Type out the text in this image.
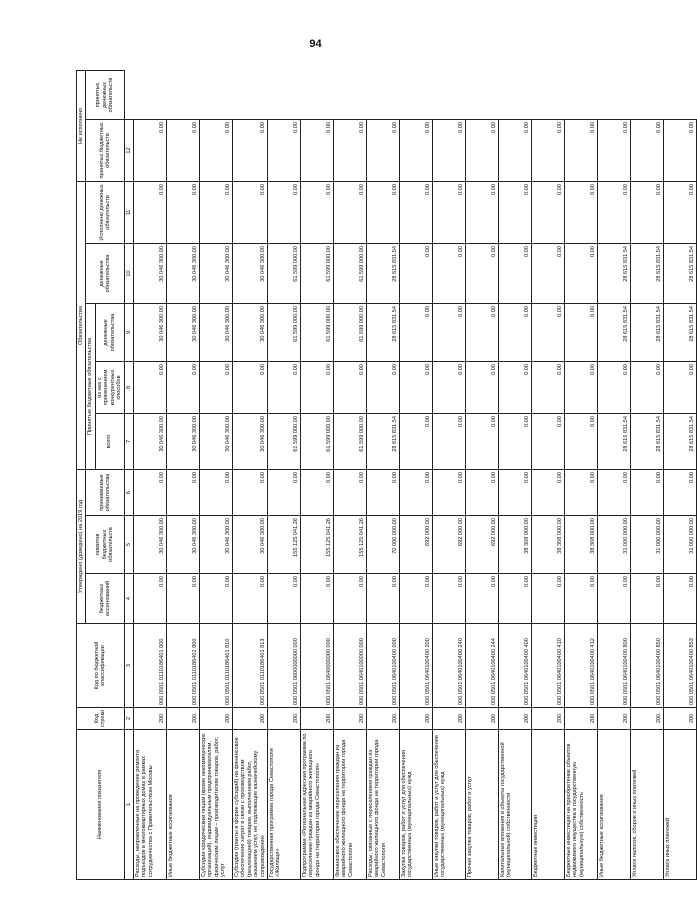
94
Наименование показателя	Код строки	Код по бюджетной классификации	Утверждено (доведено) на 2019 год			Обязательства					Не исполнено	
			бюджетных ассигнований	лимитов бюджетных обязательств	принимаемые обязательства	Принятые бюджетные обязательства			денежные обязательства	Исполнено денежных обязательств	принятых бюджетных обязательств	принятых денежных обязательств
						всего	из них с применением конкурентных способов	денежные обязательства				

1	2	3	4	5	6	7	8	9	10	11	12	
Расходы, направленные на проведение ремонта подъездов в многоквартирных домах в рамках сотрудничества с Правительством Москвы	200	000 0501 0110186401 000	0.00	30 046 300.00	0.00	30 046 300.00	0.00	30 046 300.00	30 046 300.00	0.00	0.00	
Иные бюджетные ассигнования	200	000 0501 0110186401 800	0.00	30 046 300.00	0.00	30 046 300.00	0.00	30 046 300.00	30 046 300.00	0.00	0.00	
Субсидии юридическим лицам (кроме некоммерческих организаций), индивидуальным предпринимателям, физическим лицам – производителям товаров, работ, услуг	200	000 0501 0110186401 810	0.00	30 046 300.00	0.00	30 046 300.00	0.00	30 046 300.00	30 046 300.00	0.00	0.00	
Субсидии (гранты в форме субсидий) на финансовое обеспечение затрат в связи с производством (реализацией) товаров, выполнением работ, оказанием услуг, не подлежащие казначейскому сопровождению	200	000 0501 0110186401 813	0.00	30 046 300.00	0.00	30 046 300.00	0.00	30 046 300.00	30 046 300.00	0.00	0.00	
Государственная программа города Севастополя «Жилище»	200	000 0501 0600000000 000	0.00	155 125 041.26	0.00	61 599 000.00	0.00	61 599 000.00	61 599 000.00	0.00	0.00	
Подпрограмма «Региональная адресная программа по переселению граждан из аварийного жилищного фонда на территории города Севастополя»	200	000 0501 0640000000 000	0.00	155 125 041.26	0.00	61 599 000.00	0.00	61 599 000.00	61 599 000.00	0.00	0.00	
Финансовое обеспечение переселения граждан из аварийного жилищного фонда на территории города Севастополя	200	000 0501 0640100000 000	0.00	155 125 041.26	0.00	61 599 000.00	0.00	61 599 000.00	61 599 000.00	0.00	0.00	
Расходы, связанные с переселением граждан из аварийного жилищного фонда на территории города Севастополя	200	000 0501 0640100400 000	0.00	70 000 000.00	0.00	28 615 831.54	0.00	28 615 831.54	28 615 831.54	0.00	0.00	
Закупка товаров, работ и услуг для обеспечения государственных (муниципальных) нужд	200	000 0501 0640100400 200	0.00	692 000.00	0.00	0.00	0.00	0.00	0.00	0.00	0.00	
Иные закупки товаров, работ и услуг для обеспечения государственных (муниципальных) нужд	200	000 0501 0640100400 240	0.00	692 000.00	0.00	0.00	0.00	0.00	0.00	0.00	0.00	
Прочая закупка товаров, работ и услуг	200	000 0501 0640100400 244	0.00	692 000.00	0.00	0.00	0.00	0.00	0.00	0.00	0.00	
Капитальные вложения в объекты государственной (муниципальной) собственности	200	000 0501 0640100400 400	0.00	38 308 000.00	0.00	0.00	0.00	0.00	0.00	0.00	0.00	
Бюджетные инвестиции	200	000 0501 0640100400 410	0.00	38 308 000.00	0.00	0.00	0.00	0.00	0.00	0.00	0.00	
Бюджетные инвестиции на приобретение объектов недвижимого имущества в государственную (муниципальную) собственность	200	000 0501 0640100400 412	0.00	38 308 000.00	0.00	0.00	0.00	0.00	0.00	0.00	0.00	
Иные бюджетные ассигнования	200	000 0501 0640100400 800	0.00	31 000 000.00	0.00	28 615 831.54	0.00	28 615 831.54	28 615 831.54	0.00	0.00	
Уплата налогов, сборов и иных платежей	200	000 0501 0640100400 850	0.00	31 000 000.00	0.00	28 615 831.54	0.00	28 615 831.54	28 615 831.54	0.00	0.00	
Уплата иных платежей	200	000 0501 0640100400 853	0.00	31 000 000.00	0.00	28 615 831.54	0.00	28 615 831.54	28 615 831.54	0.00	0.00	
